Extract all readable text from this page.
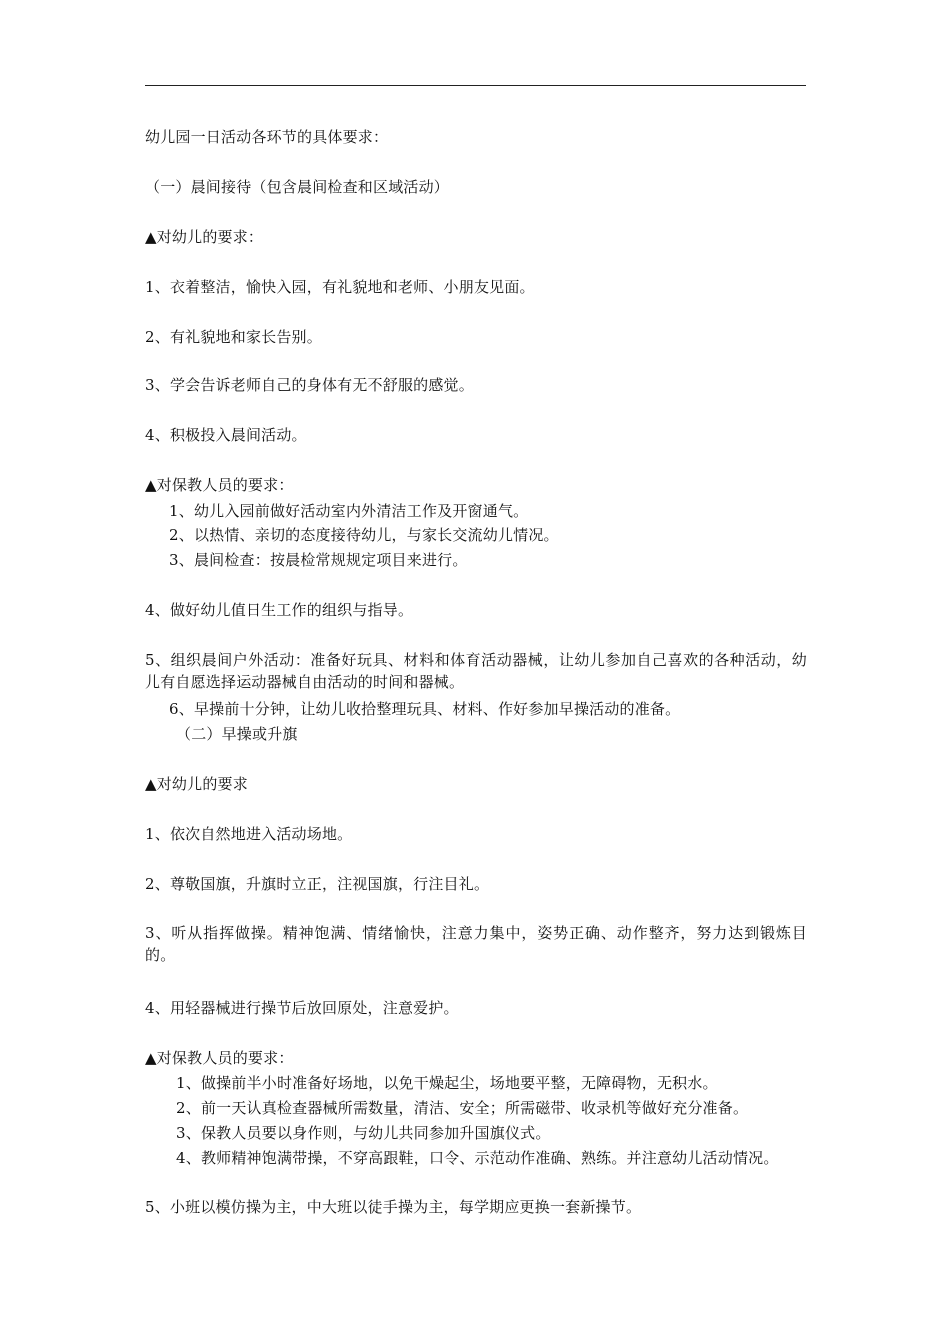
幼儿园一日活动各环节的具体要求：
（一）晨间接待（包含晨间检查和区域活动）
▲对幼儿的要求：
1、衣着整洁，愉快入园，有礼貌地和老师、小朋友见面。
2、有礼貌地和家长告别。
3、学会告诉老师自己的身体有无不舒服的感觉。
4、积极投入晨间活动。
▲对保教人员的要求：
1、幼儿入园前做好活动室内外清洁工作及开窗通气。
2、以热情、亲切的态度接待幼儿，与家长交流幼儿情况。
3、晨间检查：按晨检常规规定项目来进行。
4、做好幼儿值日生工作的组织与指导。
5、组织晨间户外活动：准备好玩具、材料和体育活动器械，让幼儿参加自己喜欢的各种活动，幼儿有自愿选择运动器械自由活动的时间和器械。
6、早操前十分钟，让幼儿收拾整理玩具、材料、作好参加早操活动的准备。
（二）早操或升旗
▲对幼儿的要求
1、依次自然地进入活动场地。
2、尊敬国旗，升旗时立正，注视国旗，行注目礼。
3、听从指挥做操。精神饱满、情绪愉快，注意力集中，姿势正确、动作整齐，努力达到锻炼目的。
4、用轻器械进行操节后放回原处，注意爱护。
▲对保教人员的要求：
1、做操前半小时准备好场地，以免干燥起尘，场地要平整，无障碍物，无积水。
2、前一天认真检查器械所需数量，清洁、安全；所需磁带、收录机等做好充分准备。
3、保教人员要以身作则，与幼儿共同参加升国旗仪式。
4、教师精神饱满带操，不穿高跟鞋，口令、示范动作准确、熟练。并注意幼儿活动情况。
5、小班以模仿操为主，中大班以徒手操为主，每学期应更换一套新操节。
